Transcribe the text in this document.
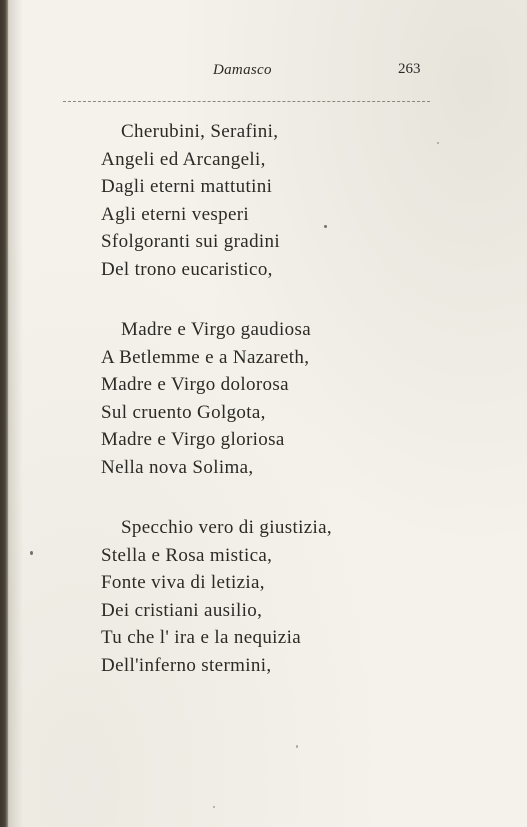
Damasco	263
Cherubini, Serafini,
Angeli ed Arcangeli,
Dagli eterni mattutini
Agli eterni vesperi
Sfolgoranti sui gradini
Del trono eucaristico,
Madre e Virgo gaudiosa
A Betlemme e a Nazareth,
Madre e Virgo dolorosa
Sul cruento Golgota,
Madre e Virgo gloriosa
Nella nova Solima,
Specchio vero di giustizia,
Stella e Rosa mistica,
Fonte viva di letizia,
Dei cristiani ausilio,
Tu che l' ira e la nequizia
Dell'inferno stermini,
